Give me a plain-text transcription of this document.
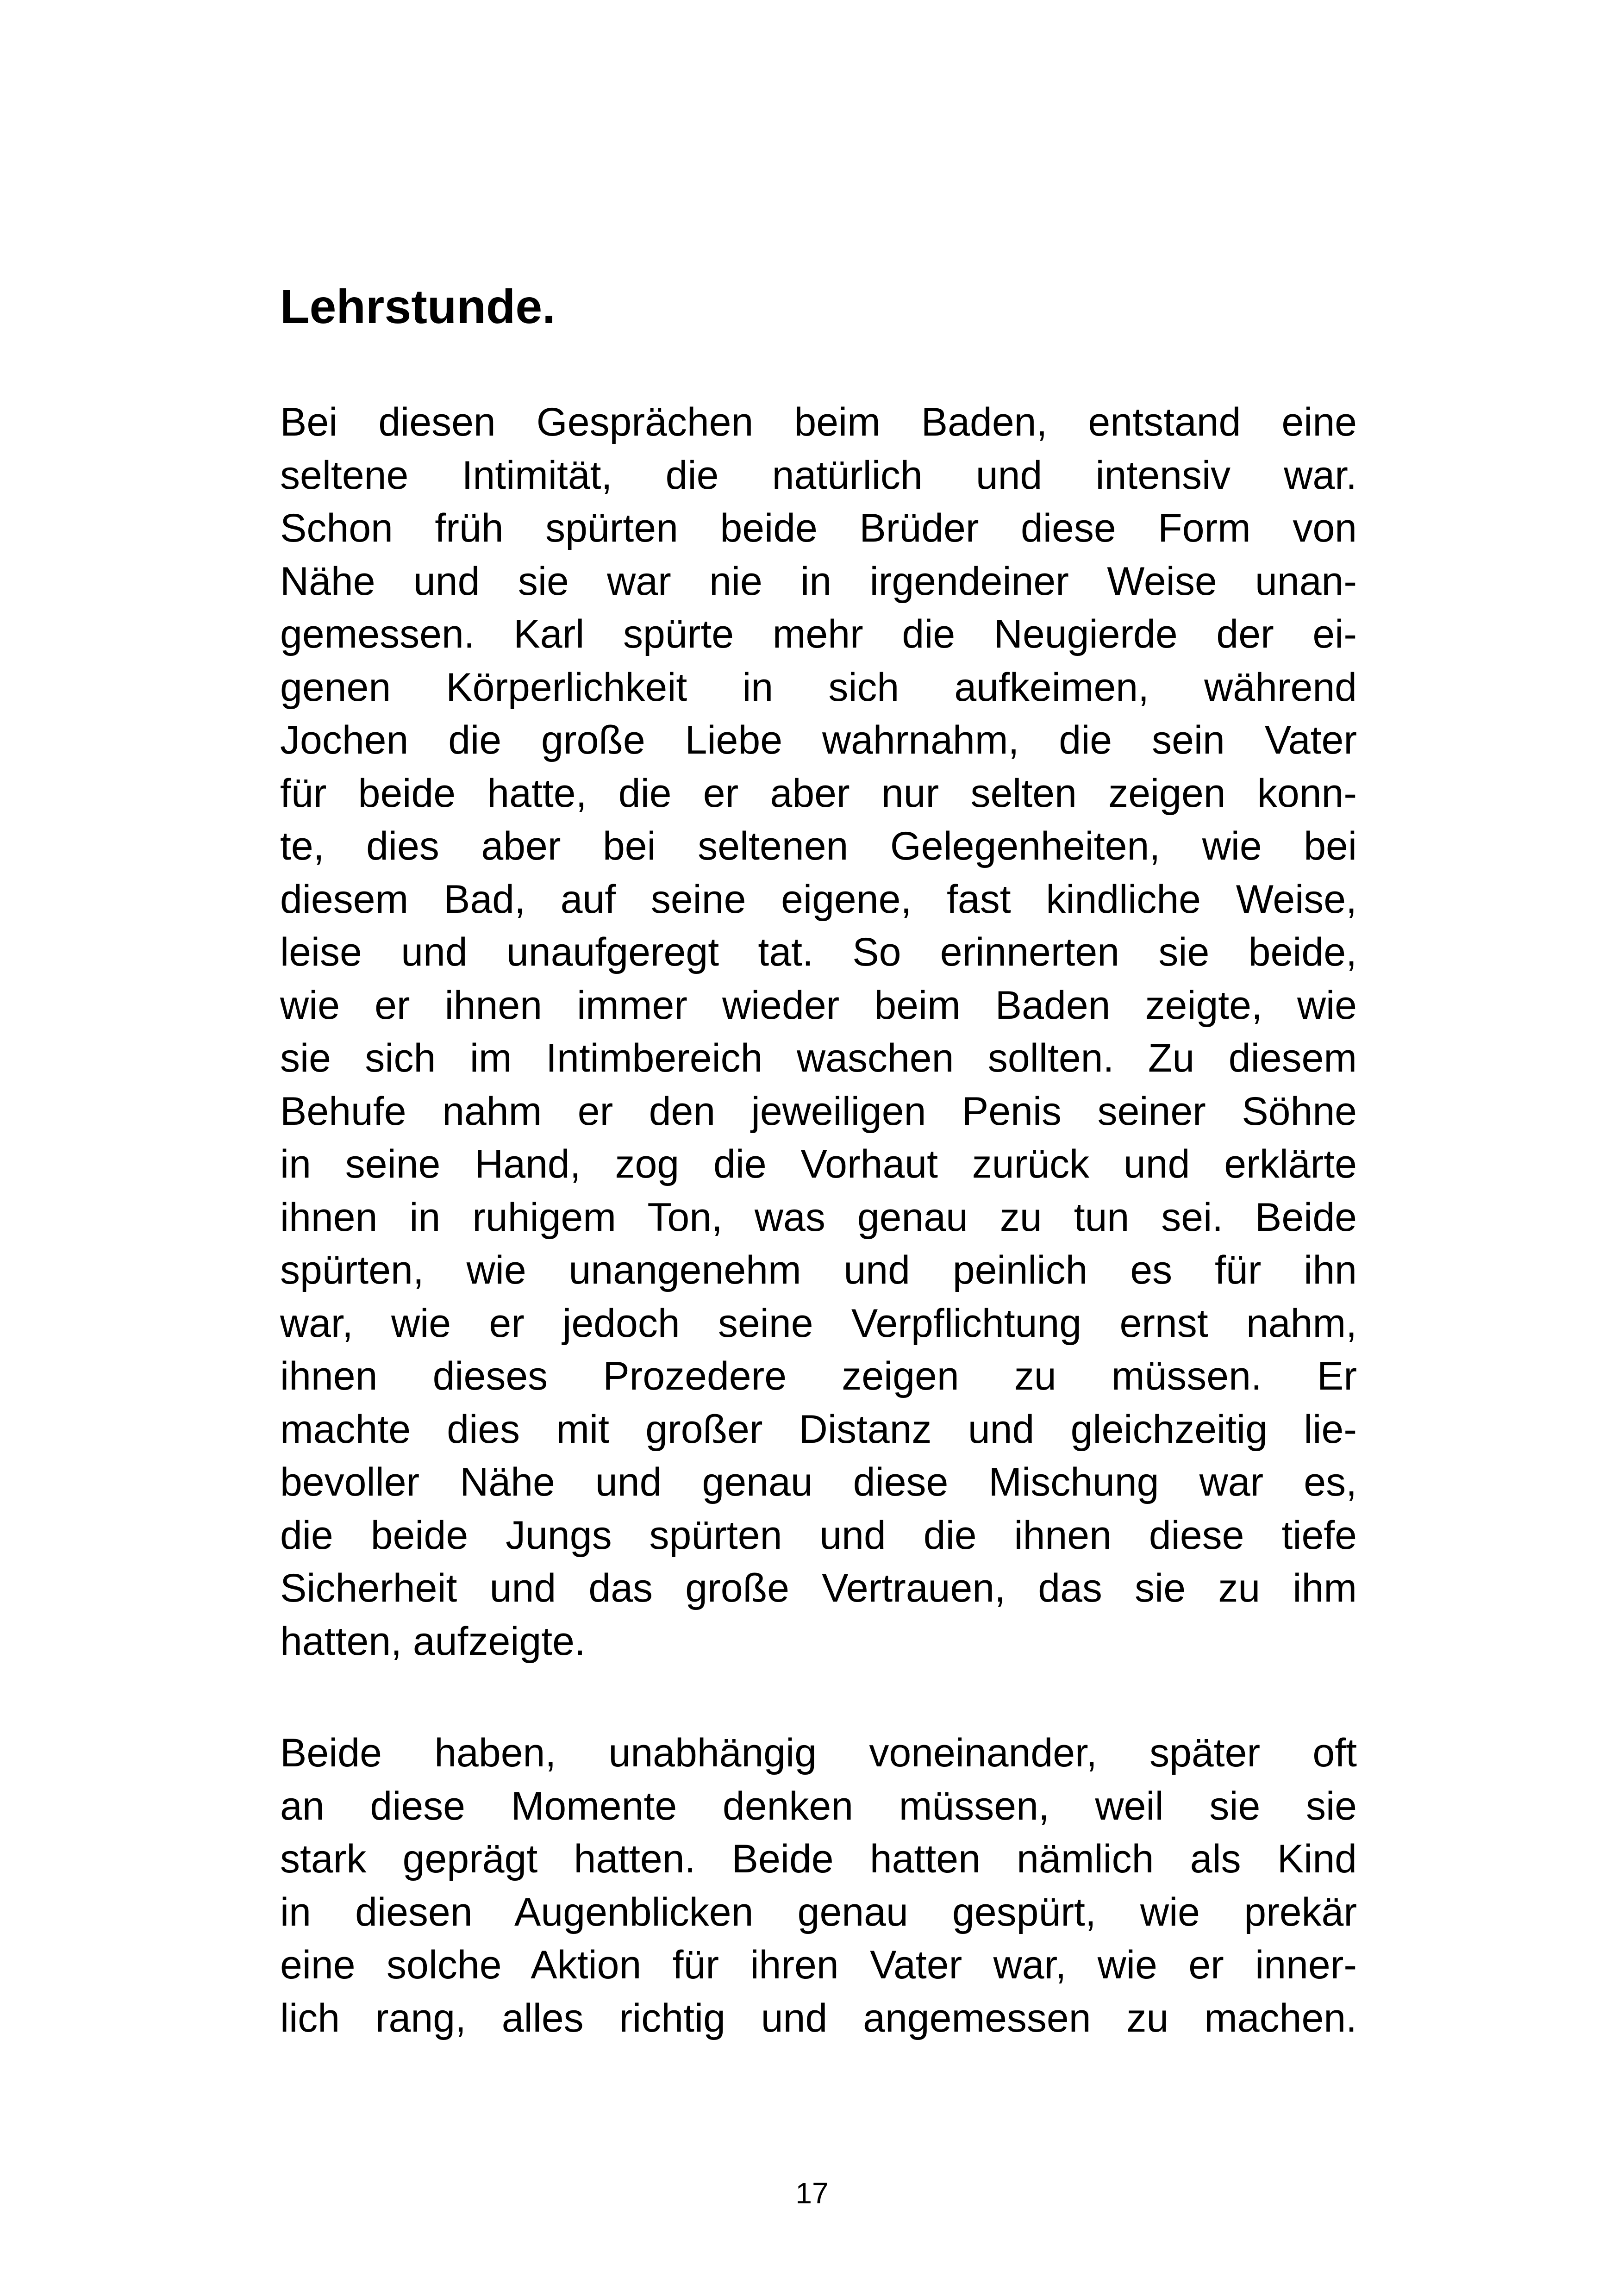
Lehrstunde.
Bei diesen Gesprächen beim Baden, entstand eine
seltene Intimität, die natürlich und intensiv war.
Schon früh spürten beide Brüder diese Form von
Nähe und sie war nie in irgendeiner Weise unan-
gemessen. Karl spürte mehr die Neugierde der ei-
genen Körperlichkeit in sich aufkeimen, während
Jochen die große Liebe wahrnahm, die sein Vater
für beide hatte, die er aber nur selten zeigen konn-
te, dies aber bei seltenen Gelegenheiten, wie bei
diesem Bad, auf seine eigene, fast kindliche Weise,
leise und unaufgeregt tat. So erinnerten sie beide,
wie er ihnen immer wieder beim Baden zeigte, wie
sie sich im Intimbereich waschen sollten. Zu diesem
Behufe nahm er den jeweiligen Penis seiner Söhne
in seine Hand, zog die Vorhaut zurück und erklärte
ihnen in ruhigem Ton, was genau zu tun sei. Beide
spürten, wie unangenehm und peinlich es für ihn
war, wie er jedoch seine Verpflichtung ernst nahm,
ihnen dieses Prozedere zeigen zu müssen. Er
machte dies mit großer Distanz und gleichzeitig lie-
bevoller Nähe und genau diese Mischung war es,
die beide Jungs spürten und die ihnen diese tiefe
Sicherheit und das große Vertrauen, das sie zu ihm
hatten, aufzeigte.
Beide haben, unabhängig voneinander, später oft
an diese Momente denken müssen, weil sie sie
stark geprägt hatten. Beide hatten nämlich als Kind
in diesen Augenblicken genau gespürt, wie prekär
eine solche Aktion für ihren Vater war, wie er inner-
lich rang, alles richtig und angemessen zu machen.
17
